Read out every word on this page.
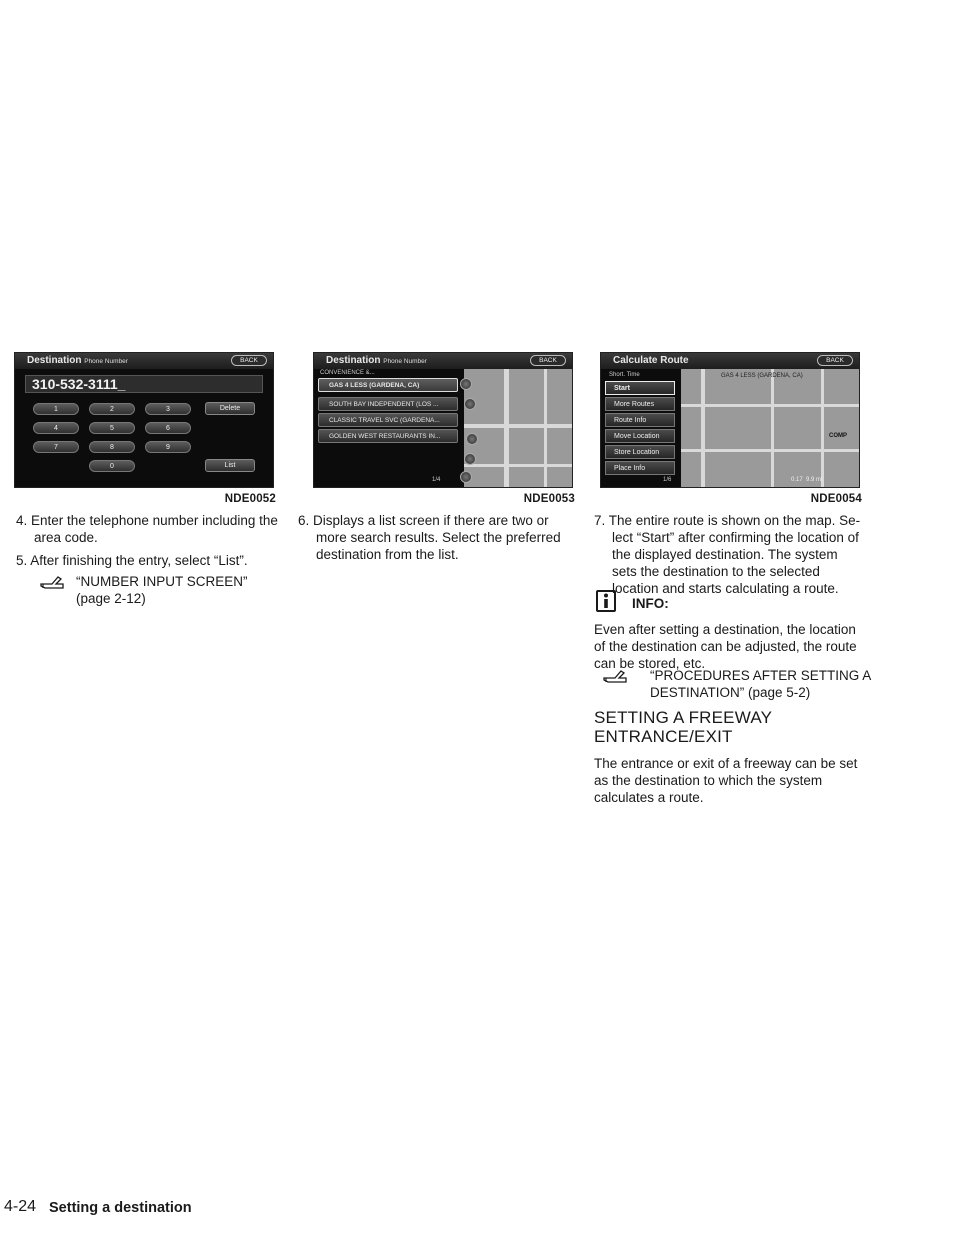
Destination Phone Number	BACK
310-532-3111_
1	2	3
4	5	6
7	8	9
0
Delete
List
NDE0052
Destination Phone Number	BACK
CONVENIENCE &...
GAS 4 LESS (GARDENA, CA)
SOUTH BAY INDEPENDENT (LOS ...
CLASSIC TRAVEL SVC (GARDENA...
GOLDEN WEST RESTAURANTS IN...
1/4
NDE0053
Calculate Route	BACK
Short. Time	GAS 4 LESS (GARDENA, CA)
Start
More Routes
Route Info
Move Location
Store Location
Place Info
1/6
COMP
0.17 9.9 mi
NDE0054
4. Enter the telephone number including the area code.
5. After finishing the entry, select “List”.
“NUMBER INPUT SCREEN”
(page 2-12)
6. Displays a list screen if there are two or more search results. Select the preferred destination from the list.
7. The entire route is shown on the map. Se- lect “Start” after confirming the location of the displayed destination. The system sets the destination to the selected location and starts calculating a route.
INFO:
Even after setting a destination, the location of the destination can be adjusted, the route can be stored, etc.
“PROCEDURES AFTER SETTING A
DESTINATION” (page 5-2)
SETTING A FREEWAY
ENTRANCE/EXIT
The entrance or exit of a freeway can be set as the destination to which the system calculates a route.
4-24 Setting a destination
